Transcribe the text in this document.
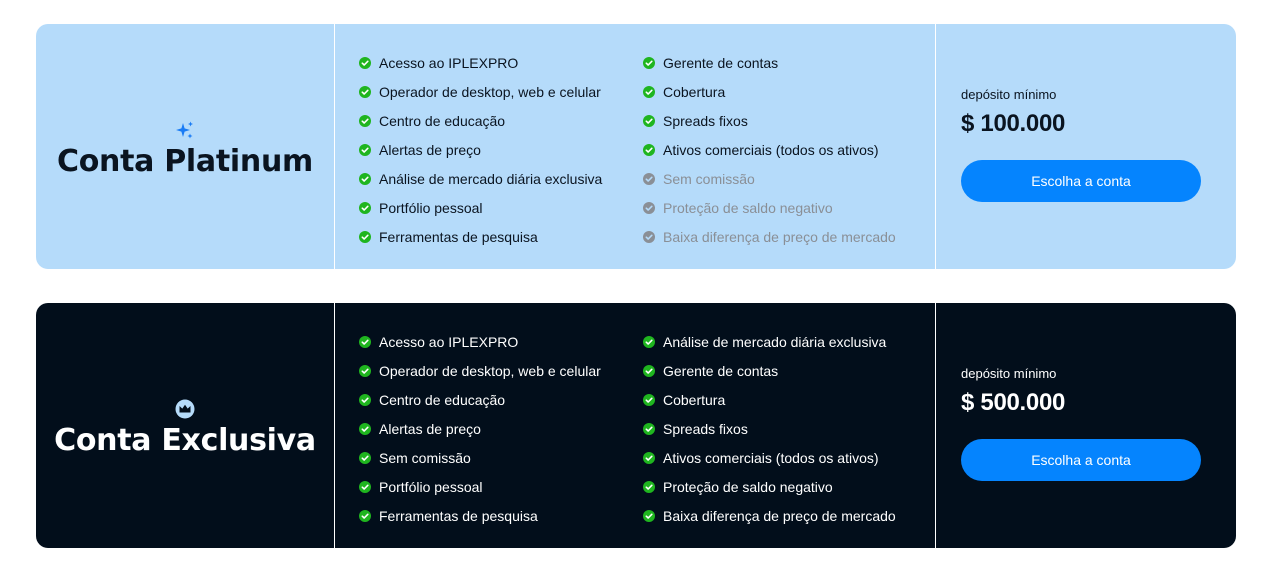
Conta Platinum
Acesso ao IPLEXPRO
Operador de desktop, web e celular
Centro de educação
Alertas de preço
Análise de mercado diária exclusiva
Portfólio pessoal
Ferramentas de pesquisa
Gerente de contas
Cobertura
Spreads fixos
Ativos comerciais (todos os ativos)
Sem comissão
Proteção de saldo negativo
Baixa diferença de preço de mercado
depósito mínimo
$ 100.000
Escolha a conta
Conta Exclusiva
Acesso ao IPLEXPRO
Operador de desktop, web e celular
Centro de educação
Alertas de preço
Sem comissão
Portfólio pessoal
Ferramentas de pesquisa
Análise de mercado diária exclusiva
Gerente de contas
Cobertura
Spreads fixos
Ativos comerciais (todos os ativos)
Proteção de saldo negativo
Baixa diferença de preço de mercado
depósito mínimo
$ 500.000
Escolha a conta
